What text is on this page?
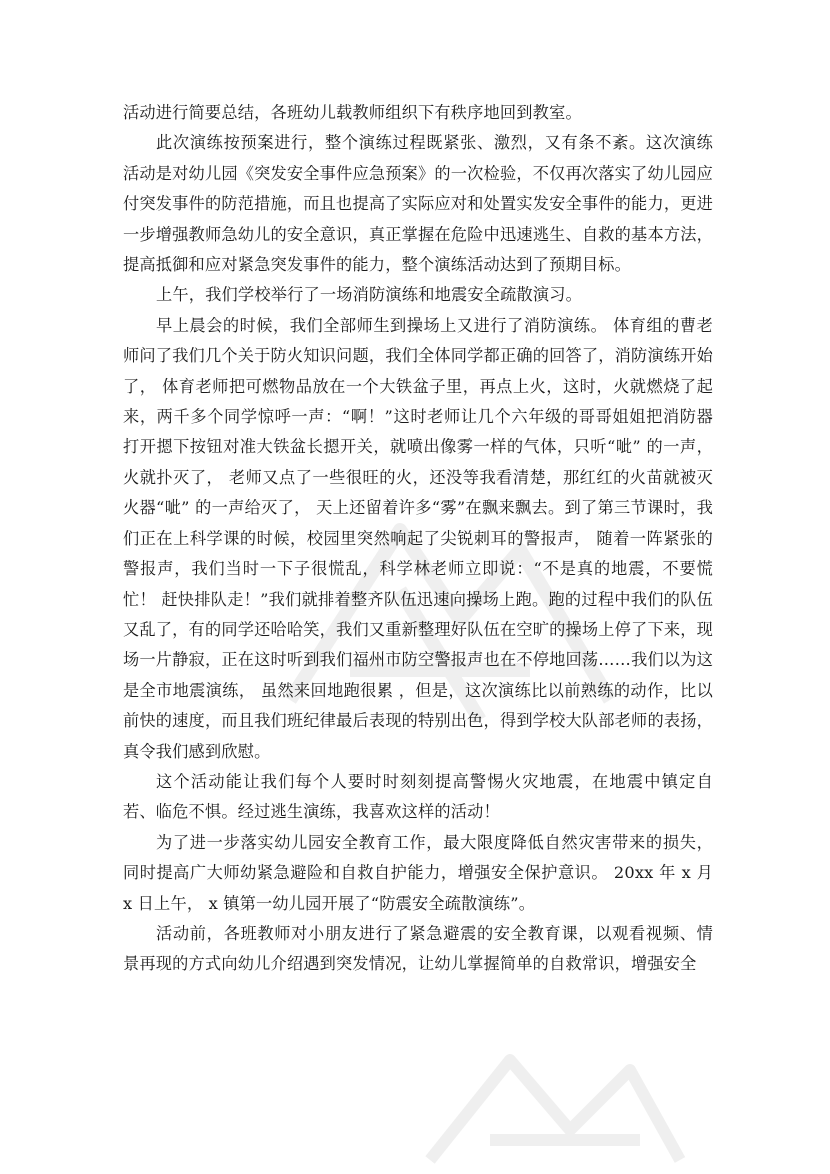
活动进行简要总结，各班幼儿载教师组织下有秩序地回到教室。

此次演练按预案进行，整个演练过程既紧张、激烈，又有条不紊。这次演练活动是对幼儿园《突发安全事件应急预案》的一次检验，不仅再次落实了幼儿园应付突发事件的防范措施，而且也提高了实际应对和处置实发安全事件的能力，更进一步增强教师急幼儿的安全意识，真正掌握在危险中迅速逃生、自救的基本方法，提高抵御和应对紧急突发事件的能力，整个演练活动达到了预期目标。

上午，我们学校举行了一场消防演练和地震安全疏散演习。

早上晨会的时候，我们全部师生到操场上又进行了消防演练。 体育组的曹老师问了我们几个关于防火知识问题，我们全体同学都正确的回答了，消防演练开始了， 体育老师把可燃物品放在一个大铁盆子里，再点上火，这时，火就燃烧了起来，两千多个同学惊呼一声：“啊！”这时老师让几个六年级的哥哥姐姐把消防器打开摁下按钮对准大铁盆长摁开关，就喷出像雾一样的气体，只听“呲” 的一声，火就扑灭了， 老师又点了一些很旺的火，还没等我看清楚，那红红的火苗就被灭火器“呲” 的一声给灭了， 天上还留着许多“雾”在飘来飘去。到了第三节课时，我们正在上科学课的时候，校园里突然响起了尖锐刺耳的警报声， 随着一阵紧张的警报声，我们当时一下子很慌乱，科学林老师立即说：“不是真的地震，不要慌忙！ 赶快排队走！”我们就排着整齐队伍迅速向操场上跑。跑的过程中我们的队伍又乱了，有的同学还哈哈笑，我们又重新整理好队伍在空旷的操场上停了下来，现场一片静寂，正在这时听到我们福州市防空警报声也在不停地回荡……我们以为这是全市地震演练， 虽然来回地跑很累 ，但是，这次演练比以前熟练的动作，比以前快的速度，而且我们班纪律最后表现的特别出色，得到学校大队部老师的表扬，真令我们感到欣慰。

这个活动能让我们每个人要时时刻刻提高警惕火灾地震，在地震中镇定自若、临危不惧。经过逃生演练，我喜欢这样的活动！

为了进一步落实幼儿园安全教育工作，最大限度降低自然灾害带来的损失，同时提高广大师幼紧急避险和自救自护能力，增强安全保护意识。 20xx 年 x 月 x 日上午， x 镇第一幼儿园开展了“防震安全疏散演练”。

活动前，各班教师对小朋友进行了紧急避震的安全教育课，以观看视频、情景再现的方式向幼儿介绍遇到突发情况，让幼儿掌握简单的自救常识，增强安全
